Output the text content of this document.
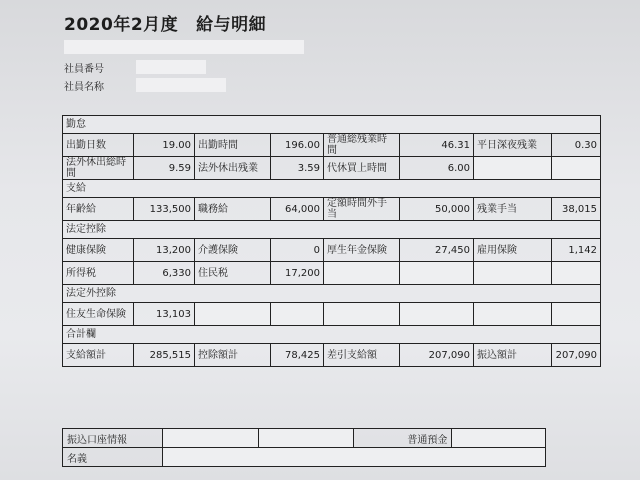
2020年2月度 給与明細
社員番号
社員名称
勤怠							
出勤日数	19.00	出勤時間	196.00	普通総残業時間	46.31	平日深夜残業	0.30
法外休出総時間	9.59	法外休出残業	3.59	代休買上時間	6.00		
支給							
年齢給	133,500	職務給	64,000	定額時間外手当	50,000	残業手当	38,015
法定控除							
健康保険	13,200	介護保険	0	厚生年金保険	27,450	雇用保険	1,142
所得税	6,330	住民税	17,200				
法定外控除							
住友生命保険	13,103						
合計欄							
支給額計	285,515	控除額計	78,425	差引支給額	207,090	振込額計	207,090
振込口座情報			普通預金		
名義					
